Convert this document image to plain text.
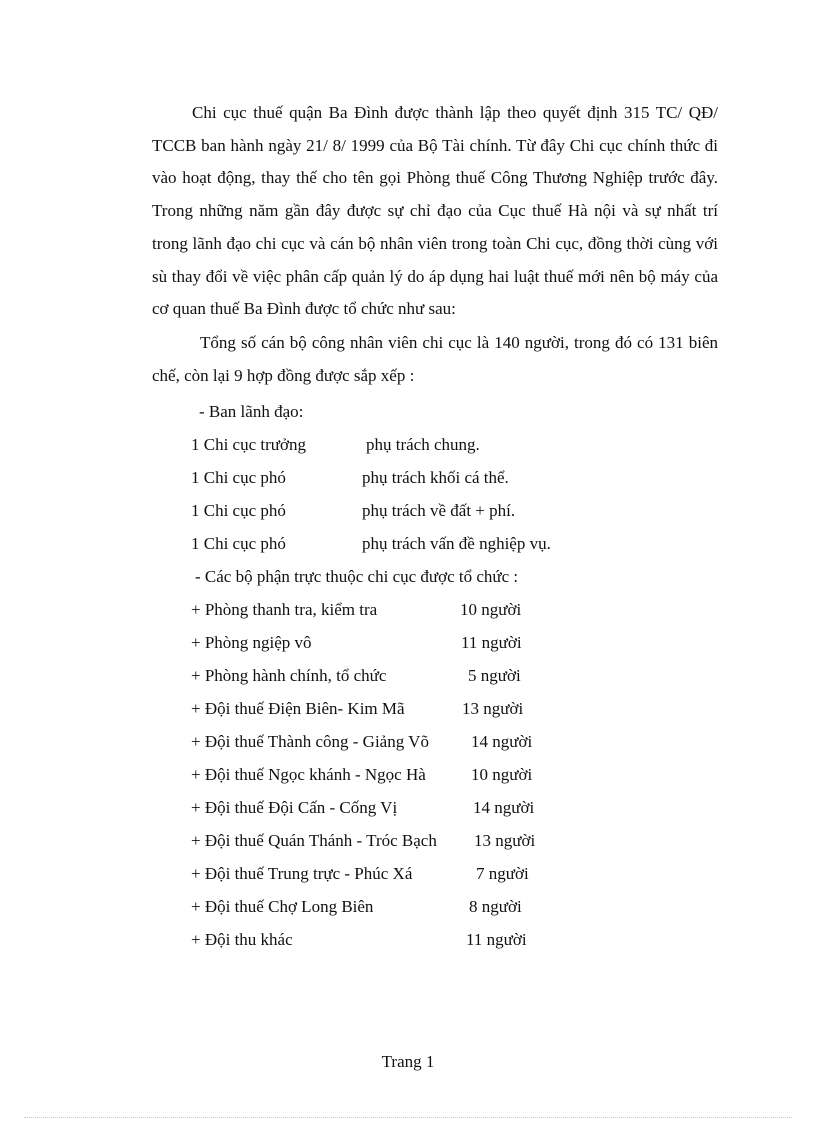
Chi cục thuế quận Ba Đình được thành lập theo quyết định 315 TC/ QĐ/ TCCB ban hành ngày 21/ 8/ 1999 của Bộ Tài chính. Từ đây Chi cục chính thức đi vào hoạt động, thay thế cho tên gọi Phòng thuế Công Thương Nghiệp trước đây. Trong những năm gần đây được sự chỉ đạo của Cục thuế Hà nội và sự nhất trí trong lãnh đạo chi cục và cán bộ nhân viên trong toàn Chi cục, đồng thời cùng với sù thay đổi về việc phân cấp quản lý do áp dụng hai luật thuế mới nên bộ máy của cơ quan thuế Ba Đình được tổ chức như sau:

Tổng số cán bộ công nhân viên chi cục là 140 người, trong đó có 131 biên chế, còn lại 9 hợp đồng được sắp xếp :

- Ban lãnh đạo:
1 Chi cục trưởng	phụ trách chung.
1 Chi cục phó	phụ trách khối cá thể.
1 Chi cục phó	phụ trách về đất + phí.
1 Chi cục phó	phụ trách vấn đề nghiệp vụ.
- Các bộ phận trực thuộc chi cục được tổ chức :
+ Phòng thanh tra, kiểm tra	10 người
+ Phòng ngiệp vô	11 người
+ Phòng hành chính, tổ chức	5 người
+ Đội thuế Điện Biên- Kim Mã	13 người
+ Đội thuế Thành công - Giảng Võ 14 người
+ Đội thuế Ngọc khánh - Ngọc Hà	10 người
+ Đội thuế Đội Cấn - Cống Vị	14 người
+ Đội thuế Quán Thánh - Tróc Bạch 13 người
+ Đội thuế Trung trực - Phúc Xá	7 người
+ Đội thuế Chợ Long Biên	8 người
+ Đội thu khác	11 người
Trang 1
